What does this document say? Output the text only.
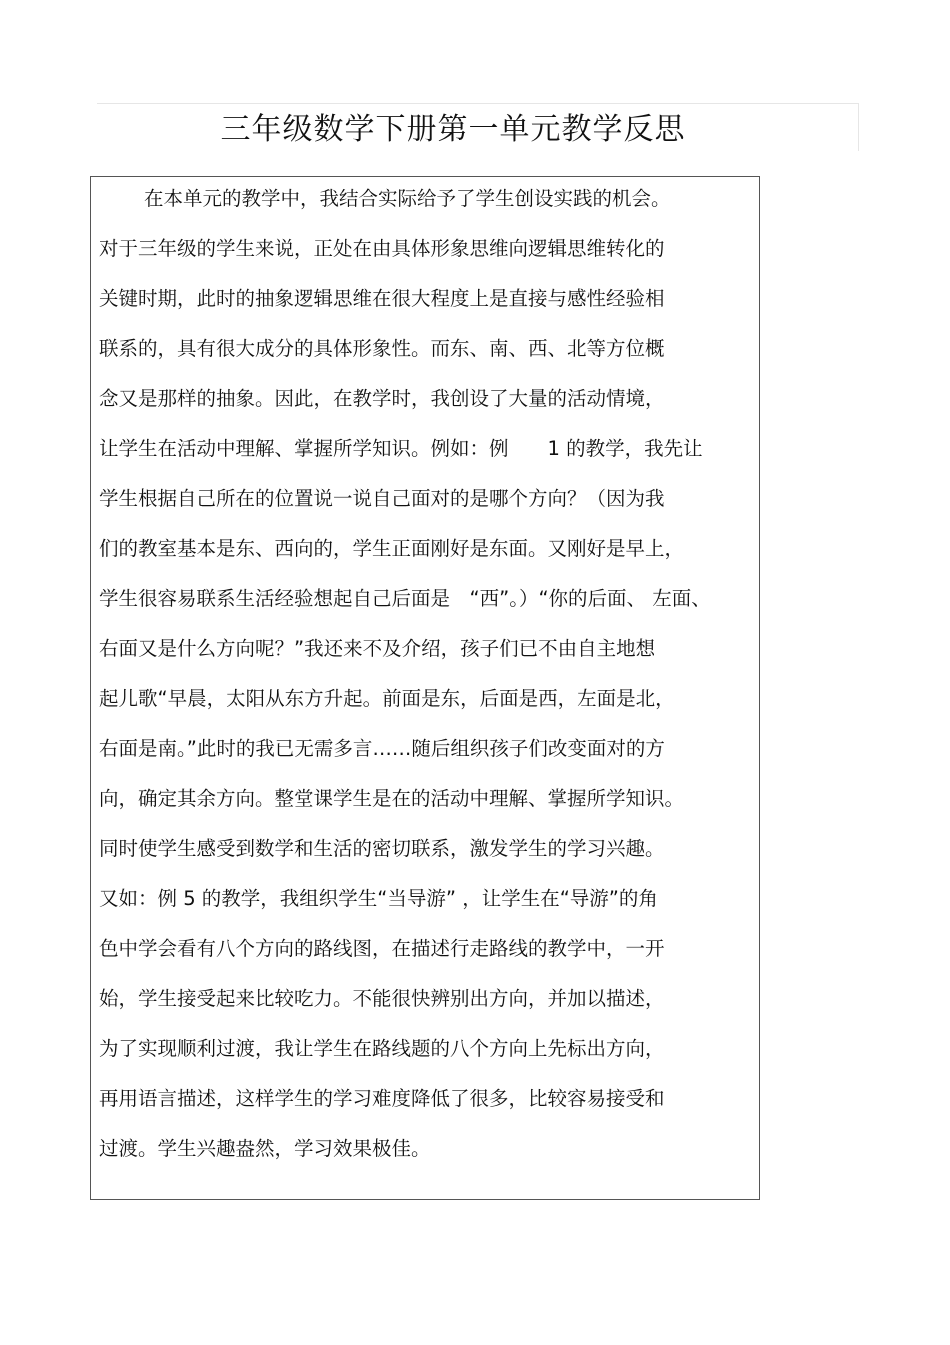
三年级数学下册第一单元教学反思
在本单元的教学中，我结合实际给予了学生创设实践的机会。
对于三年级的学生来说，正处在由具体形象思维向逻辑思维转化的
关键时期，此时的抽象逻辑思维在很大程度上是直接与感性经验相
联系的，具有很大成分的具体形象性。而东、南、西、北等方位概
念又是那样的抽象。因此，在教学时，我创设了大量的活动情境，
让学生在活动中理解、掌握所学知识。例如：例　　1 的教学，我先让
学生根据自己所在的位置说一说自己面对的是哪个方向？（因为我
们的教室基本是东、西向的，学生正面刚好是东面。又刚好是早上，
学生很容易联系生活经验想起自己后面是　“西”。）“你的后面、 左面、
右面又是什么方向呢？”我还来不及介绍，孩子们已不由自主地想
起儿歌“早晨，太阳从东方升起。前面是东，后面是西，左面是北，
右面是南。”此时的我已无需多言……随后组织孩子们改变面对的方
向，确定其余方向。整堂课学生是在的活动中理解、掌握所学知识。
同时使学生感受到数学和生活的密切联系，激发学生的学习兴趣。
又如：例 5 的教学，我组织学生“当导游” ，让学生在“导游”的角
色中学会看有八个方向的路线图，在描述行走路线的教学中，一开
始，学生接受起来比较吃力。不能很快辨别出方向，并加以描述，
为了实现顺利过渡，我让学生在路线题的八个方向上先标出方向，
再用语言描述，这样学生的学习难度降低了很多，比较容易接受和
过渡。学生兴趣盎然，学习效果极佳。
